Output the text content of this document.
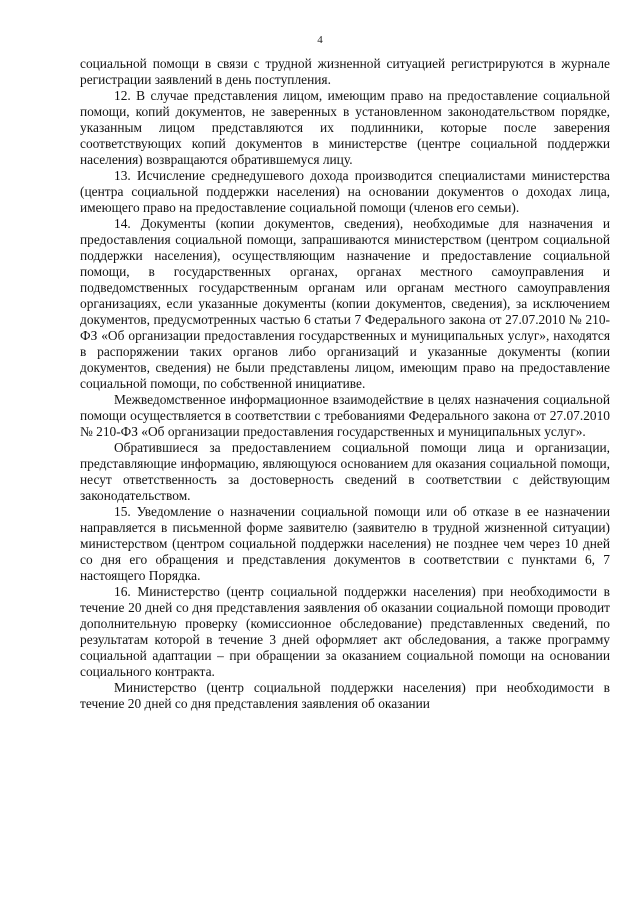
4

социальной помощи в связи с трудной жизненной ситуацией регистрируются в журнале регистрации заявлений в день поступления.

12. В случае представления лицом, имеющим право на предоставление социальной помощи, копий документов, не заверенных в установленном законодательством порядке, указанным лицом представляются их подлинники, которые после заверения соответствующих копий документов в министерстве (центре социальной поддержки населения) возвращаются обратившемуся лицу.

13. Исчисление среднедушевого дохода производится специалистами министерства (центра социальной поддержки населения) на основании документов о доходах лица, имеющего право на предоставление социальной помощи (членов его семьи).

14. Документы (копии документов, сведения), необходимые для назначения и предоставления социальной помощи, запрашиваются министерством (центром социальной поддержки населения), осуществляющим назначение и предоставление социальной помощи, в государственных органах, органах местного самоуправления и подведомственных государственным органам или органам местного самоуправления организациях, если указанные документы (копии документов, сведения), за исключением документов, предусмотренных частью 6 статьи 7 Федерального закона от 27.07.2010 № 210-ФЗ «Об организации предоставления государственных и муниципальных услуг», находятся в распоряжении таких органов либо организаций и указанные документы (копии документов, сведения) не были представлены лицом, имеющим право на предоставление социальной помощи, по собственной инициативе.

Межведомственное информационное взаимодействие в целях назначения социальной помощи осуществляется в соответствии с требованиями Федерального закона от 27.07.2010 № 210-ФЗ «Об организации предоставления государственных и муниципальных услуг».

Обратившиеся за предоставлением социальной помощи лица и организации, представляющие информацию, являющуюся основанием для оказания социальной помощи, несут ответственность за достоверность сведений в соответствии с действующим законодательством.

15. Уведомление о назначении социальной помощи или об отказе в ее назначении направляется в письменной форме заявителю (заявителю в трудной жизненной ситуации) министерством (центром социальной поддержки населения) не позднее чем через 10 дней со дня его обращения и представления документов в соответствии с пунктами 6, 7 настоящего Порядка.

16. Министерство (центр социальной поддержки населения) при необходимости в течение 20 дней со дня представления заявления об оказании социальной помощи проводит дополнительную проверку (комиссионное обследование) представленных сведений, по результатам которой в течение 3 дней оформляет акт обследования, а также программу социальной адаптации – при обращении за оказанием социальной помощи на основании социального контракта.

Министерство (центр социальной поддержки населения) при необходимости в течение 20 дней со дня представления заявления об оказании
